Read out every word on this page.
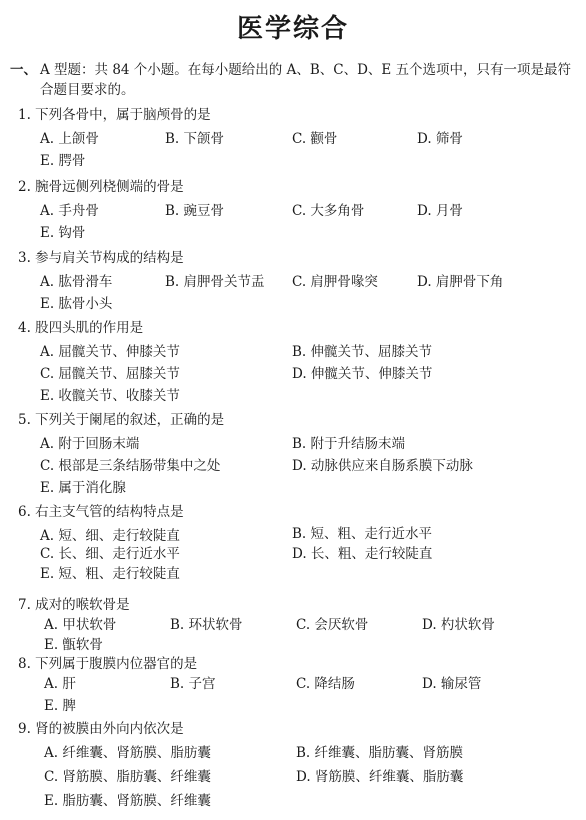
医学综合
一、 A 型题：共 84 个小题。在每小题给出的 A、B、C、D、E 五个选项中，只有一项是最符合题目要求的。
1. 下列各骨中，属于脑颅骨的是
A. 上颌骨	B. 下颌骨	C. 颧骨	D. 筛骨
E. 腭骨
2. 腕骨远侧列桡侧端的骨是
A. 手舟骨	B. 豌豆骨	C. 大多角骨	D. 月骨
E. 钩骨
3. 参与肩关节构成的结构是
A. 肱骨滑车	B. 肩胛骨关节盂 C. 肩胛骨喙突	D. 肩胛骨下角
E. 肱骨小头
4. 股四头肌的作用是
A. 屈髋关节、伸膝关节	B. 伸髋关节、屈膝关节
C. 屈髋关节、屈膝关节	D. 伸髋关节、伸膝关节
E. 收髋关节、收膝关节
5. 下列关于阑尾的叙述，正确的是
A. 附于回肠末端	B. 附于升结肠末端
C. 根部是三条结肠带集中之处	D. 动脉供应来自肠系膜下动脉
E. 属于消化腺
6. 右主支气管的结构特点是
A. 短、细、走行较陡直	B. 短、粗、走行近水平
C. 长、细、走行近水平	D. 长、粗、走行较陡直
E. 短、粗、走行较陡直
7. 成对的喉软骨是
A. 甲状软骨	B. 环状软骨	C. 会厌软骨	D. 杓状软骨
E. 甑软骨
8. 下列属于腹膜内位器官的是
A. 肝	B. 子宫	C. 降结肠	D. 输尿管
E. 脾
9. 肾的被膜由外向内依次是
A. 纤维囊、肾筋膜、脂肪囊	B. 纤维囊、脂肪囊、肾筋膜
C. 肾筋膜、脂肪囊、纤维囊	D. 肾筋膜、纤维囊、脂肪囊
E. 脂肪囊、肾筋膜、纤维囊
